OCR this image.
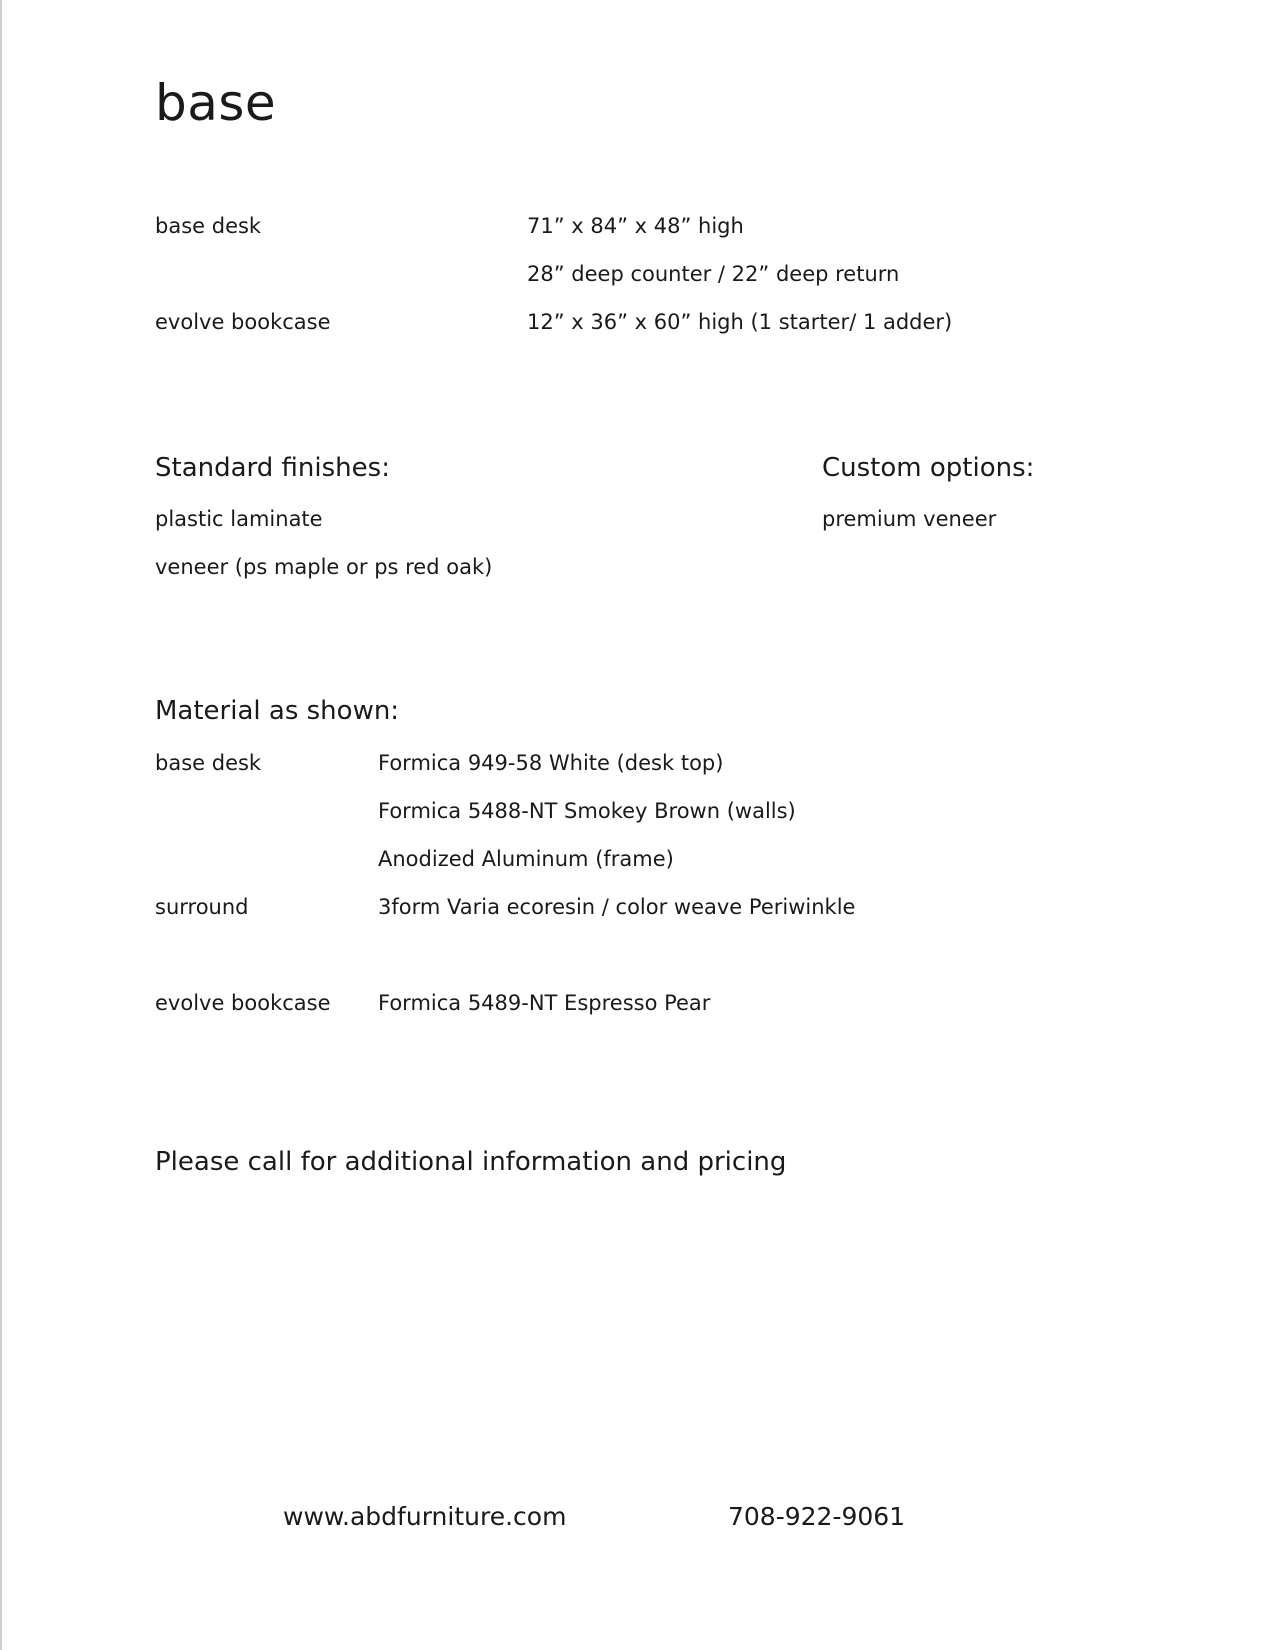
base
base desk	71” x 84” x 48” high
28” deep counter / 22” deep return
evolve bookcase	12” x 36” x 60” high (1 starter/ 1 adder)
Standard finishes:
plastic laminate
veneer (ps maple or ps red oak)
Custom options:
premium veneer
Material as shown:
base desk	Formica 949-58 White (desk top)
Formica 5488-NT Smokey Brown (walls)
Anodized Aluminum (frame)
surround	3form Varia ecoresin / color weave Periwinkle
evolve bookcase Formica 5489-NT Espresso Pear
Please call for additional information and pricing
www.abdfurniture.com	708-922-9061
